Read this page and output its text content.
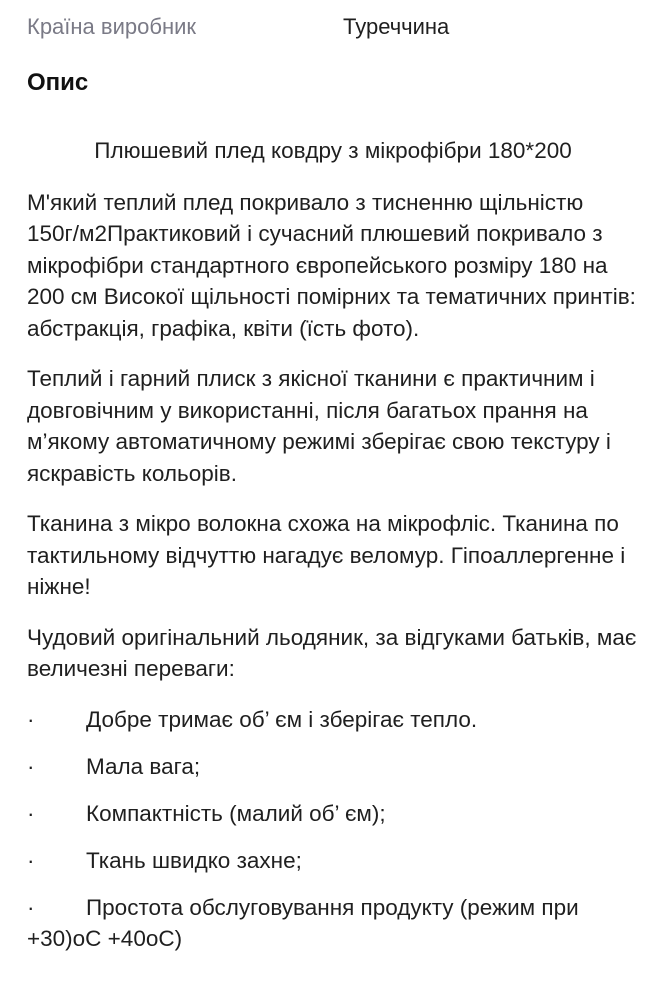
Країна виробник	Туреччина
Опис

Плюшевий плед ковдру з мікрофібри 180*200

М'який теплий плед покривало з тисненню щільністю 150г/м2Практиковий і сучасний плюшевий покривало з мікрофібри стандартного європейського розміру 180 на 200 см Високої щільності помірних та тематичних принтів: абстракція, графіка, квіти (їсть фото).

Теплий і гарний плиск з якісної тканини є практичним і довговічним у використанні, після багатьох прання на м’якому автоматичному режимі зберігає свою текстуру і яскравість кольорів.

Тканина з мікро волокна схожа на мікрофліс. Тканина по тактильному відчуттю нагадує веломур. Гіпоаллергенне і ніжне!

Чудовий оригінальний льодяник, за відгуками батьків, має величезні переваги:

·	Добре тримає об’ єм і зберігає тепло.
·	Мала вага;
·	Компактність (малий об’ єм);
·	Ткань швидко захне;
·	Простота обслуговування продукту (режим при +30)оС +40оС)
